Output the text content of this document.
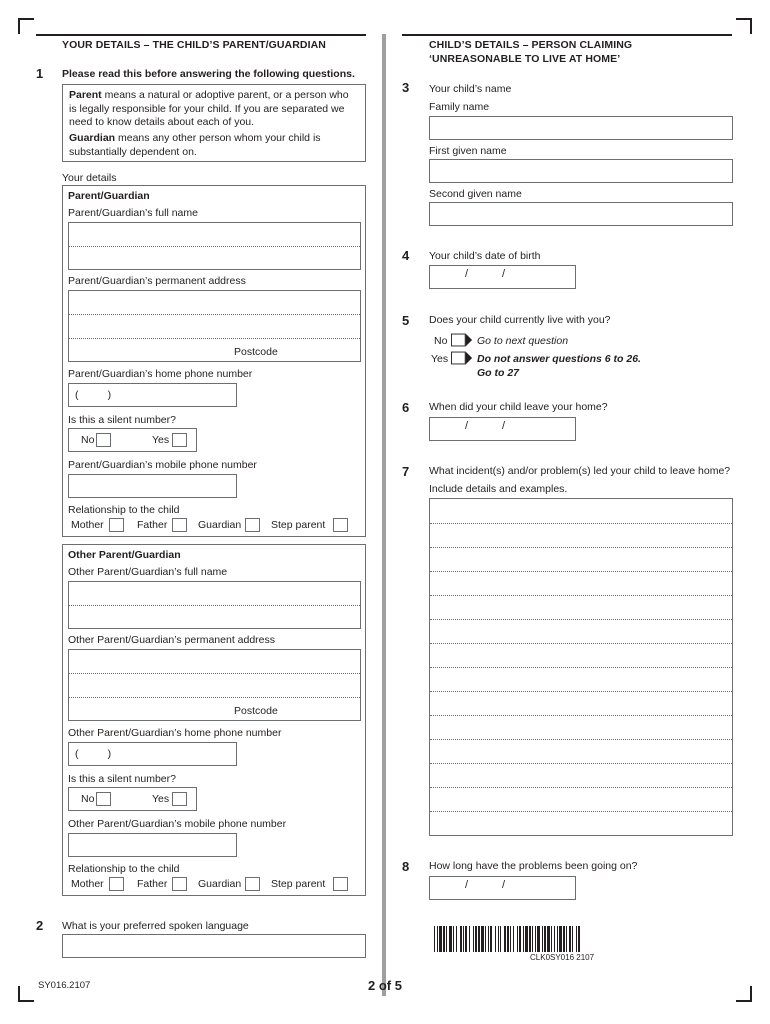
YOUR DETAILS – THE CHILD’S PARENT/GUARDIAN
1 Please read this before answering the following questions.
Parent means a natural or adoptive parent, or a person who
is legally responsible for your child. If you are separated we
need to know details about each of you.
Guardian means any other person whom your child is
substantially dependent on.
Your details
Parent/Guardian
Parent/Guardian’s full name
Parent/Guardian’s permanent address
Postcode
Parent/Guardian’s home phone number
(          )
Is this a silent number?
No	Yes
Parent/Guardian’s mobile phone number
Relationship to the child
Mother	Father	Guardian	Step parent
Other Parent/Guardian
Other Parent/Guardian’s full name
Other Parent/Guardian’s permanent address
Postcode
Other Parent/Guardian’s home phone number
(          )
Is this a silent number?
No	Yes
Other Parent/Guardian’s mobile phone number
Relationship to the child
Mother	Father	Guardian	Step parent
2 What is your preferred spoken language
CHILD’S DETAILS – PERSON CLAIMING
‘UNREASONABLE TO LIVE AT HOME’
3 Your child’s name
Family name
First given name
Second given name
4 Your child’s date of birth
/	/
5 Does your child currently live with you?
No	Go to next question
Yes	Do not answer questions 6 to 26.
Go to 27
6 When did your child leave your home?
/	/
7 What incident(s) and/or problem(s) led your child to leave home?
Include details and examples.
8 How long have the problems been going on?
/	/
CLK0SY016 2107
SY016.2107	2 of 5
